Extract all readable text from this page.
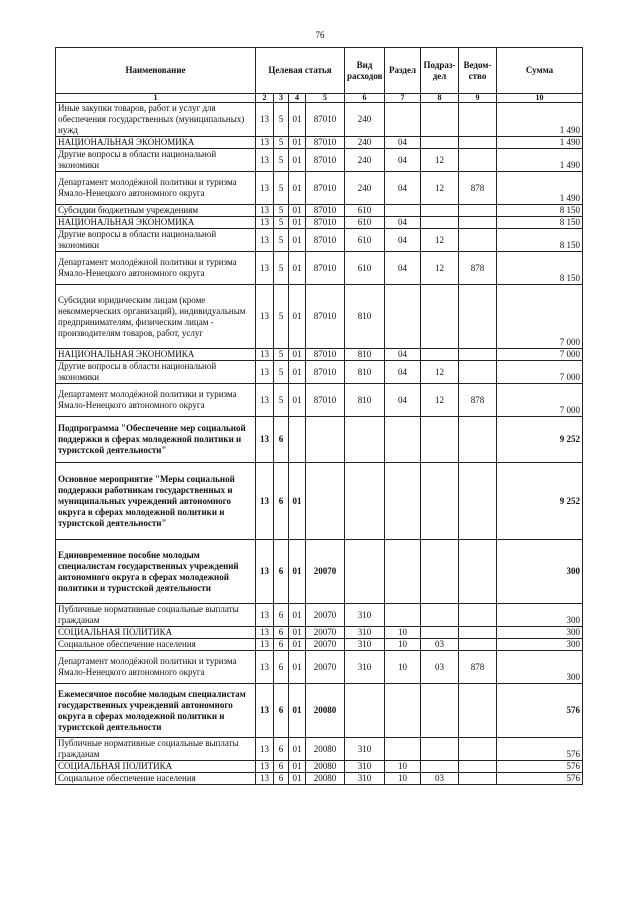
76
Наименование	Целевая статья				Вид расходов	Раздел	Подраз-дел	Ведом-ство	Сумма
1	2	3	4	5	6	7	8	9	10
Иные закупки товаров, работ и услуг для обеспечения государственных (муниципальных) нужд	13	5	01	87010	240				1 490
НАЦИОНАЛЬНАЯ ЭКОНОМИКА	13	5	01	87010	240	04			1 490
Другие вопросы в области национальной экономики	13	5	01	87010	240	04	12		1 490
Департамент молодёжной политики и туризма Ямало-Ненецкого автономного округа	13	5	01	87010	240	04	12	878	1 490
Субсидии бюджетным учреждениям	13	5	01	87010	610				8 150
НАЦИОНАЛЬНАЯ ЭКОНОМИКА	13	5	01	87010	610	04			8 150
Другие вопросы в области национальной экономики	13	5	01	87010	610	04	12		8 150
Департамент молодёжной политики и туризма Ямало-Ненецкого автономного округа	13	5	01	87010	610	04	12	878	8 150
Субсидии юридическим лицам (кроме некоммерческих организаций), индивидуальным предпринимателям, физическим лицам - производителям товаров, работ, услуг	13	5	01	87010	810				7 000
НАЦИОНАЛЬНАЯ ЭКОНОМИКА	13	5	01	87010	810	04			7 000
Другие вопросы в области национальной экономики	13	5	01	87010	810	04	12		7 000
Департамент молодёжной политики и туризма Ямало-Ненецкого автономного округа	13	5	01	87010	810	04	12	878	7 000
Подпрограмма "Обеспечение мер социальной поддержки в сферах молодежной политики и туристской деятельности"	13	6							9 252
Основное мероприятие "Меры социальной поддержки работникам государственных и муниципальных учреждений автономного округа в сферах молодежной политики и туристской деятельности"	13	6	01						9 252
Единовременное пособие молодым специалистам государственных учреждений автономного округа в сферах молодежной политики и туристской деятельности	13	6	01	20070					300
Публичные нормативные социальные выплаты гражданам	13	6	01	20070	310				300
СОЦИАЛЬНАЯ ПОЛИТИКА	13	6	01	20070	310	10			300
Социальное обеспечение населения	13	6	01	20070	310	10	03		300
Департамент молодёжной политики и туризма Ямало-Ненецкого автономного округа	13	6	01	20070	310	10	03	878	300
Ежемесячное пособие молодым специалистам государственных учреждений автономного округа в сферах молодежной политики и туристской деятельности	13	6	01	20080					576
Публичные нормативные социальные выплаты гражданам	13	6	01	20080	310				576
СОЦИАЛЬНАЯ ПОЛИТИКА	13	6	01	20080	310	10			576
Социальное обеспечение населения	13	6	01	20080	310	10	03		576
